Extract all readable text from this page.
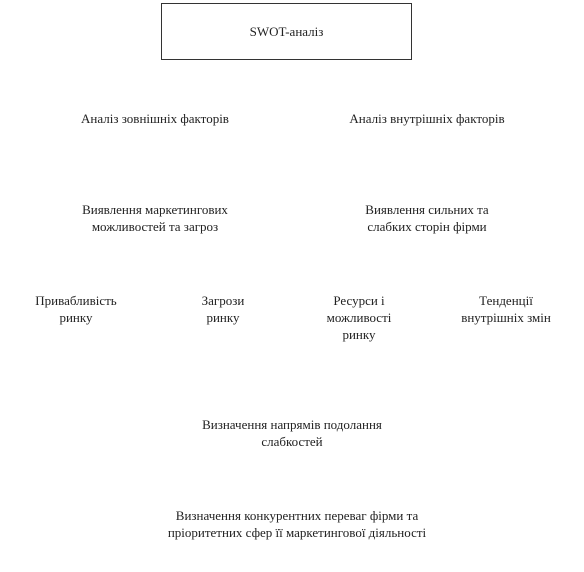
SWOT-аналіз
Аналіз зовнішніх факторів	Аналіз внутрішніх факторів
Виявлення маркетингових
можливостей та загроз
Виявлення сильних та
слабких сторін фірми
Привабливість
ринку
Загрози
ринку
Ресурси і
можливості
ринку
Тенденції
внутрішніх змін
Визначення напрямів подолання
слабкостей
Визначення конкурентних переваг фірми та
пріоритетних сфер її маркетингової діяльності
